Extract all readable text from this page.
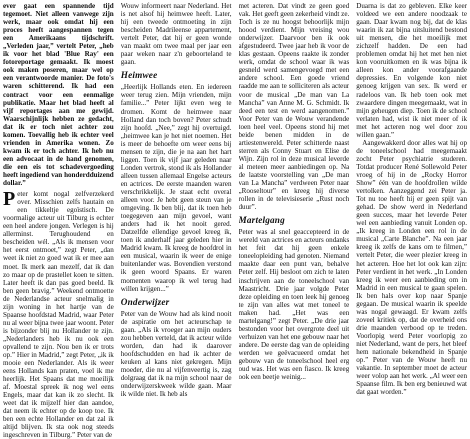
ever gaat een spannende tijd tegemoet. Niet alleen vanwege zijn werk, maar ook omdat hij een proces heeft aangespannen tegen een Amerikaans tijdschrift. „Verleden jaar,” vertelt Peter, „heb ik voor het blad 'Blue Ray' een fotoreportage gemaakt. Ik moest ook maken poseren, maar wel op een verantwoorde manier. De foto's waren schitterend. Ik had een contract voor een eenmalige publikatie. Maar het blad heeft al vijf reportages aan me gewijd. Waarschijnlijk hebben ze gedacht, dat ik er toch niet achter zou komen. Toevallig heb ik echter veel vrienden in Amerika wonen. Zo kwam ik er toch achter. Ik heb nu een advocaat in de hand genomen, die een eis tot schadevergoeding heeft ingediend van honderdduizend dollar.”

Peter komt nogal zelfverzekerd over. Misschien zelfs hautain en een tikkeltje egoïstisch. De voormalige acteur uit Tilburg is echter een heel andere jongen. Verlegen is hij allerminst. Terughoudend en bescheiden wél. „Als ik mensen voor het eerst ontmoet,” zegt Peter, „dan weet ik niet zo goed wat ik er mee aan moet. Ik merk aan mezelf, dat ik dan zo maar op de prastellet koen te sitten. Later heeft ik dan pas goed beeld. Ik ben geen bravig.” Weekend ontmoette de Nederlandse acteur snelmalig in zijn woning in het hartje van de Spaanse hoofdstad Madrid, waar Peter nu al weer bijna twee jaar woont. Peter is bijzonder blij nu Hollander te zijn. „Nederlanders heb ik nu ook een opvallend te zijn. Nou ben ik er trots op.” Hier in Madrid,” zegt Peter, „ik ik mooie een Nederlander. Als ik weer eens Hollands kan praten, voel ik me heerlijk. Het Spaans dat me moeilijk af. Moestal spreek ik nog wel eens Engels, maar dat kan ik zo slecht. Ik weet dat ik mijzelf hier dan aandoe, dat neem ik echter op de koop toe. Ik ben een echte Hollander en dat zal ik altijd blijven. Ik sta ook nog steeds ingeschreven in Tilburg.” Peter van de

Wouw informeert naar Nederland. Het is net alsof hij heimwee heeft. Later, hij een tweede ontmoeting in zijn bescheiden Madrileense appartement, vertelt Peter, dat hij er geen wonde van maakt om twee maal per jaar een paar weken naar z'n geboorteland te gaan.

Heimwee

„Heerlijk Hollands eten. En iedereen weer terug zien. Mijn vrienden, mijn familie...” Peter lijkt even weg te dromen. Komt de heimwee naar Holland dan toch boven? Peter schudt zijn hoofd. „Nee,” zegt hij overtuigd. „heimwee kan je het niet noemen. Het is meer de behoefte om weer eens bij mensen te zijn, die je na aan het hart liggen. Toen ik vijf jaar geleden naar Londen vertrok, stond ik als Hollander alleen tussen allemaal Engelse acteurs en actrices. De eerste maanden waren verschrikkelijk. Je staat echt overal alleen voor. Je hebt geen steun van je omgeving. Ik ben blij, dat ik toen heb toegegeven aan mijn gevoel, want anders had ik het nooit gered. Datzelfde ellendige gevoel kreeg ik, toen ik anderhalf jaar geleden hier in Madrid kwam. Ik kreeg de hoofdrol in een musical, waarin ik weer de enige buitenlander was. Bovendien verstond ik geen woord Spaans. Er waren momenten waarop ik wel terug had willen krijgen...”

Onderwijzer

Peter van de Wouw had als kind nooit de aspiratie om het acteurschap te gaan. „Als ik vroeger aan mijn ouders zou hebben verteld, dat ik acteur wilde worden, dan had ik daarover hoofdschudden en had ik achter de keuken al kans niet gekregen. Mijn moeder, die nu al vijfenveertig is, zag dolgraag dat ik na mijn school naar de onderwijzerskweek wilde gaan. Maar ik wilde niet. Ik heb als

met acteren. Dat vindt ze geen goed vak. Het geeft geen zekerheid vindt ze. Toch is ze nu hoogst behoorlijk mijn hoood verdient. Mijn vreising wou onderwijzer. Daarvoor ben ik ook afgestudeerd. Twee jaar heb ik voor de klas gestaan. Opeens raakte ik zonder werk, omdat de school waar ik was gesneld werd samengevoegd met een andere school. Een goede vriend raadde me aan te solliciteren als acteur voor de musical „De man van La Mancha” van Anne M. G. Schmidt. Ik deed een test en werd aangenomen.” Voor Peter van de Wouw verandende toen heel veel. Opeens stond hij met beide benen midden in de artiestenwereld. Peter schitterde naast sterren als Conny Stuart en Elise de Wijn. Zijn rol in deze musical leverde al meteen meer aanbiedingen op. Na de laatste voorstelling van „De man van La Mancha” verdween Peter naar „Rooseltour” en kreeg hij diverse rollen in de televisieserie „Rust noch duur”.

Martelgang

Peter was al snel geaccepteerd in de wereld van actrices en acteurs ondanks het feit dat hij geen enkele toneelopleiding had genoten. Niemand maakte daar een punt van, behalve Peter zelf. Hij besloot om zich te laten inschrijven aan de toneelschool van Maastricht. Drie jaar volgde Peter deze opleiding en toen leek hij genoeg te zijn van alles wat met toneel te maken had. „Het was een martelgang!” zegt Peter. „De drie jaar bestonden voor het overgrote deel uit verhuizen van het ene gebouw naar het andere. De eerste dag van de opleiding werden we geëvacueerd omdat het gebouw van de toneelschool heel erg oud was. Het was een fiasco. Ik kreeg ook een beetje weinig...

Duarna is dat zo gebleven. Elke keer voldeed we een andere noodzaak te gaan. Daar kwam nog bij, dat de klas waarin ik zat bijna uitsluitend bestond uit mensen, die het moeilijk met zichzelf hadden. De een had problemen omdat hij het met hen niet kon vooruitkomen en ik was bijna ik alleen kon ander voorafgaande depressies. En volgende kon niet genoeg krijgen van sex. Ik werd er radeloos van. Ik heb toen ook met zwaardere dingen meegemaakt, wat in mijn geheugen diep. Toen ik de school verlaten had, wist ik niet meer of ik met het acteren nog wel door zou willen gaan.”

Aangewakkerd door alles wat hij op de toneelschool had meegemaakt zocht Peter psychiatrie studeren. Totdat producer René Sollewold Peter vroeg of hij in de „Rocky Horror Show” één van de hoofdrollen wilde vertolken. Aanzeggend zei Peter ja. Tot nu toe heeft hij er geen spijt van gehad. De show werd in Nederland geen succes, maar het leverde Peter wel een aanbieding vanuit Londen op. „Ik kreeg in Londen een rol in de musical „Carte Blanche”. Na een jaar kreeg ik zelfs de kans om te filmen,” vertelt Peter, die weer plezier kreeg in het acteren. Hoe het lot ook kan zijn: Peter verdient in het werk. „In Londen kreeg ik weer een aanbieding om in Madrid in een musical te gaan spelen. Ik ben hals over kop naar Spanje gegaan. De musical waarin ik speelde was nogal gewaagd. Er kwam zelfs zoveel kritiek op, dat de overheid ons drie maanden verbood op te treden. Voorlopig werd Peter voorlopig zo niet Nederland, want de pers, het bleef hem nationale bekendheid in Spanje op.” Peter van de Wouw heeft nu vakantie. In september moet de acteur weer volop aan het werk. „Al weer een Spaanse film. Ik ben erg benieuwd wat dat gaat worden.”
